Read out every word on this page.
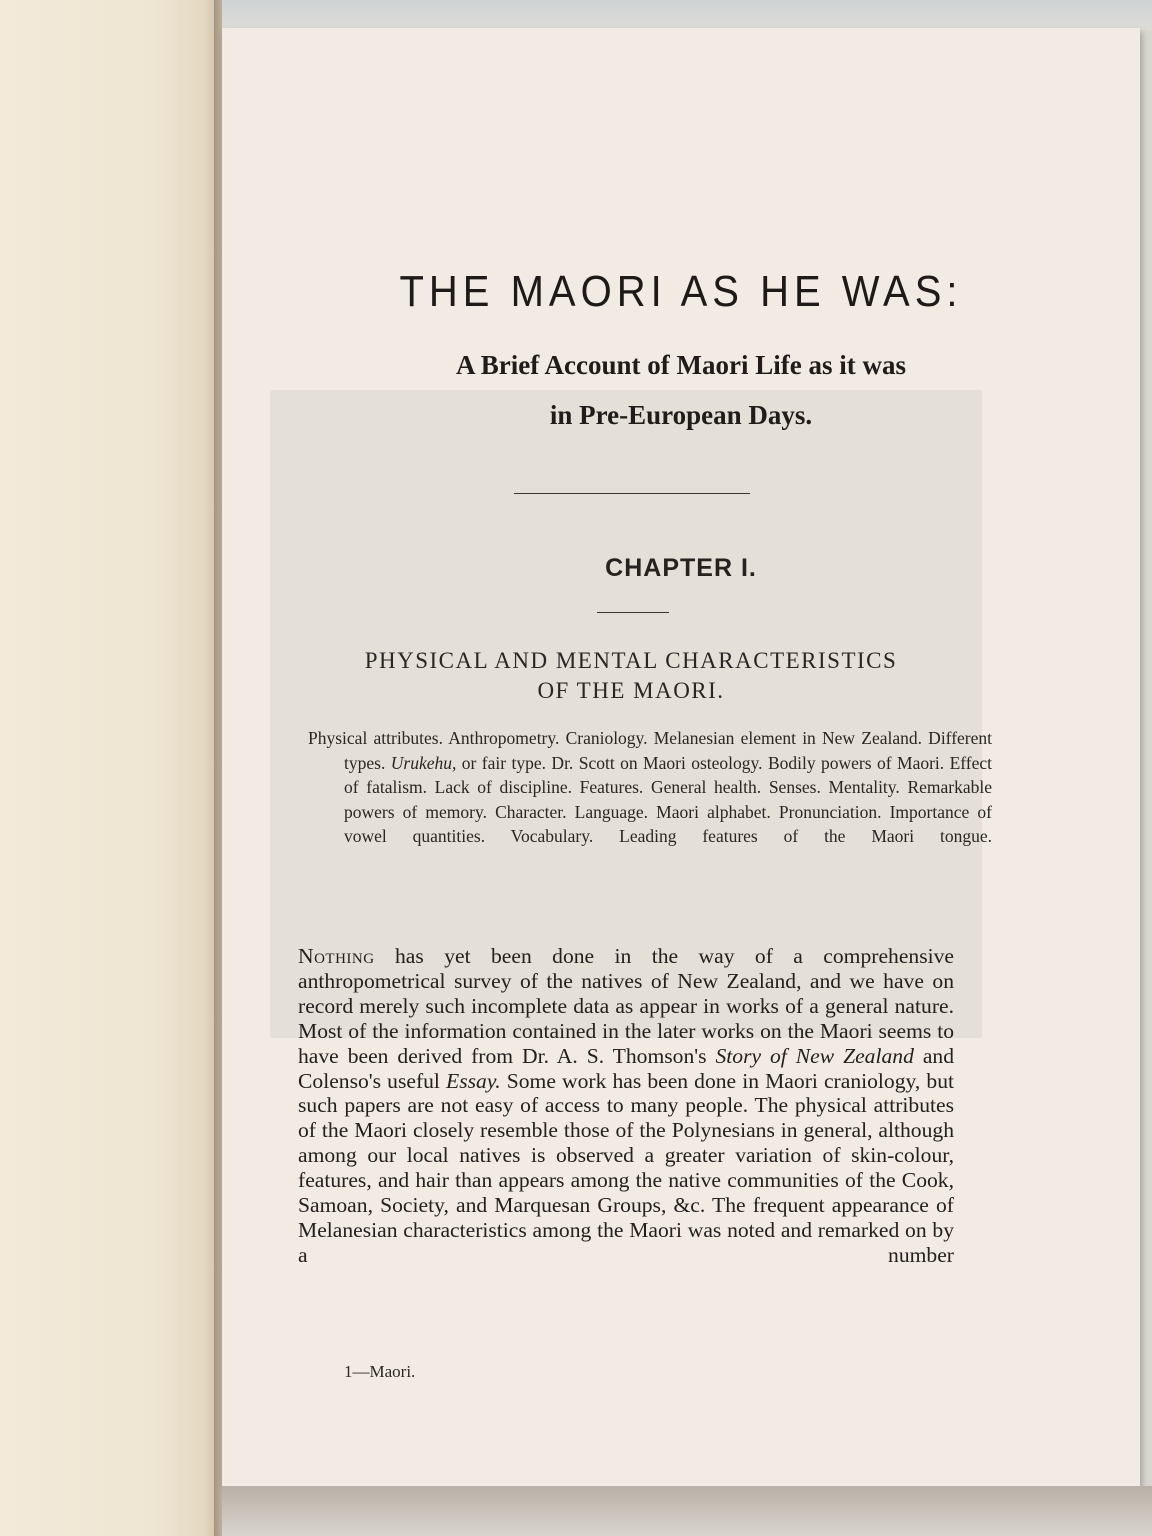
THE MAORI AS HE WAS:

A Brief Account of Maori Life as it was

in Pre-European Days.

CHAPTER I.
PHYSICAL AND MENTAL CHARACTERISTICS
OF THE MAORI.

Physical attributes. Anthropometry. Craniology. Melanesian element in New Zealand. Different types. Urukehu, or fair type. Dr. Scott on Maori osteology. Bodily powers of Maori. Effect of fatalism. Lack of discipline. Features. General health. Senses. Mentality. Remarkable powers of memory. Character. Language. Maori alphabet. Pronunciation. Importance of vowel quantities. Vocabulary. Leading features of the Maori tongue.

Nothing has yet been done in the way of a comprehensive anthropometrical survey of the natives of New Zealand, and we have on record merely such incomplete data as appear in works of a general nature. Most of the information contained in the later works on the Maori seems to have been derived from Dr. A. S. Thomson's Story of New Zealand and Colenso's useful Essay. Some work has been done in Maori craniology, but such papers are not easy of access to many people. The physical attributes of the Maori closely resemble those of the Polynesians in general, although among our local natives is observed a greater variation of skin-colour, features, and hair than appears among the native communities of the Cook, Samoan, Society, and Marquesan Groups, &c. The frequent appearance of Melanesian characteristics among the Maori was noted and remarked on by a number

1—Maori.
